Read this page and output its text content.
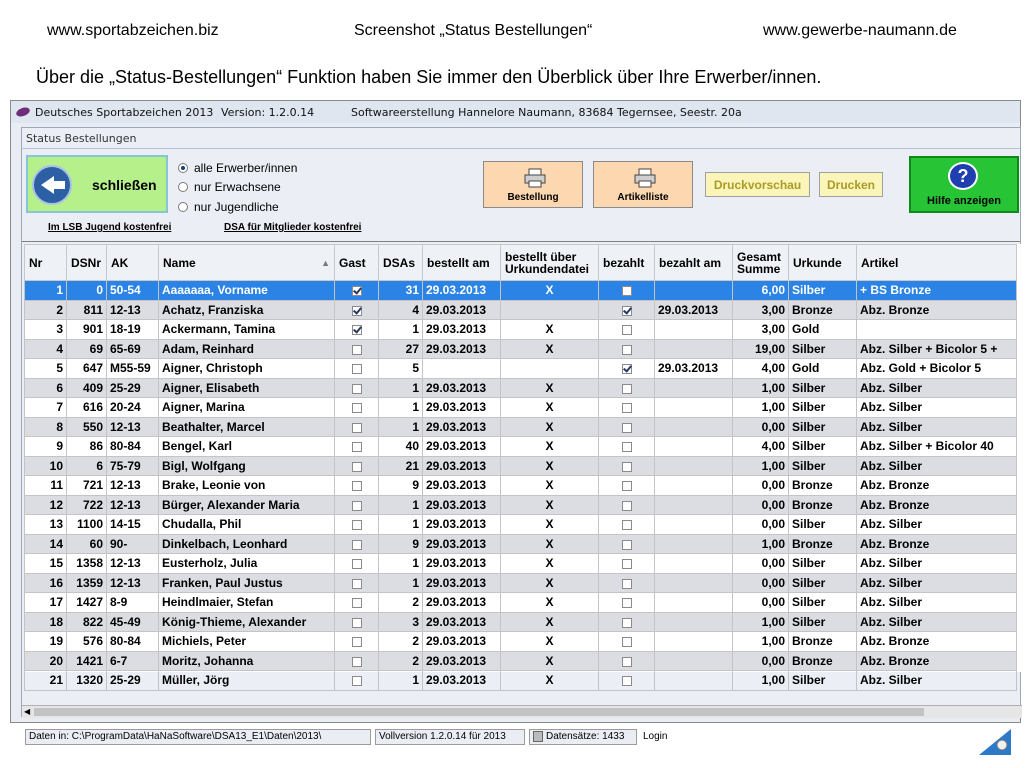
www.sportabzeichen.biz	Screenshot „Status Bestellungen“	www.gewerbe-naumann.de
Über die „Status-Bestellungen“ Funktion haben Sie immer den Überblick über Ihre Erwerber/innen.
Deutsches Sportabzeichen 2013 Version: 1.2.0.14	Softwareerstellung Hannelore Naumann, 83684 Tegernsee, Seestr. 20a
Status Bestellungen
schließen
alle Erwerber/innen
nur Erwachsene
nur Jugendliche
Bestellung	Artikelliste
Druckvorschau	Drucken	?
Hilfe anzeigen
Im LSB Jugend kostenfrei	DSA für Mitglieder kostenfrei
Nr	DSNr	AK	Name ▲	Gast	DSAs	bestellt am	bestellt über Urkundendatei	bezahlt	bezahlt am	Gesamt Summe	Urkunde	Artikel
1	0	50-54	Aaaaaaa, Vorname		31	29.03.2013	X			6,00	Silber	+ BS Bronze
2	811	12-13	Achatz, Franziska		4	29.03.2013			29.03.2013	3,00	Bronze	Abz. Bronze
3	901	18-19	Ackermann, Tamina		1	29.03.2013	X			3,00	Gold	
4	69	65-69	Adam, Reinhard		27	29.03.2013	X			19,00	Silber	Abz. Silber + Bicolor 5 +
5	647	M55-59	Aigner, Christoph		5				29.03.2013	4,00	Gold	Abz. Gold + Bicolor 5
6	409	25-29	Aigner, Elisabeth		1	29.03.2013	X			1,00	Silber	Abz. Silber
7	616	20-24	Aigner, Marina		1	29.03.2013	X			1,00	Silber	Abz. Silber
8	550	12-13	Beathalter, Marcel		1	29.03.2013	X			0,00	Silber	Abz. Silber
9	86	80-84	Bengel, Karl		40	29.03.2013	X			4,00	Silber	Abz. Silber + Bicolor 40
10	6	75-79	Bigl, Wolfgang		21	29.03.2013	X			1,00	Silber	Abz. Silber
11	721	12-13	Brake, Leonie von		9	29.03.2013	X			0,00	Bronze	Abz. Bronze
12	722	12-13	Bürger, Alexander Maria		1	29.03.2013	X			0,00	Bronze	Abz. Bronze
13	1100	14-15	Chudalla, Phil		1	29.03.2013	X			0,00	Silber	Abz. Silber
14	60	90-	Dinkelbach, Leonhard		9	29.03.2013	X			1,00	Bronze	Abz. Bronze
15	1358	12-13	Eusterholz, Julia		1	29.03.2013	X			0,00	Silber	Abz. Silber
16	1359	12-13	Franken, Paul Justus		1	29.03.2013	X			0,00	Silber	Abz. Silber
17	1427	8-9	Heindlmaier, Stefan		2	29.03.2013	X			0,00	Silber	Abz. Silber
18	822	45-49	König-Thieme, Alexander		3	29.03.2013	X			1,00	Silber	Abz. Silber
19	576	80-84	Michiels, Peter		2	29.03.2013	X			1,00	Bronze	Abz. Bronze
20	1421	6-7	Moritz, Johanna		2	29.03.2013	X			0,00	Bronze	Abz. Bronze
21	1320	25-29	Müller, Jörg		1	29.03.2013	X			1,00	Silber	Abz. Silber
◀
Daten in: C:\ProgramData\HaNaSoftware\DSA13_E1\Daten\2013\	Vollversion 1.2.0.14 für 2013	Datensätze: 1433	Login
